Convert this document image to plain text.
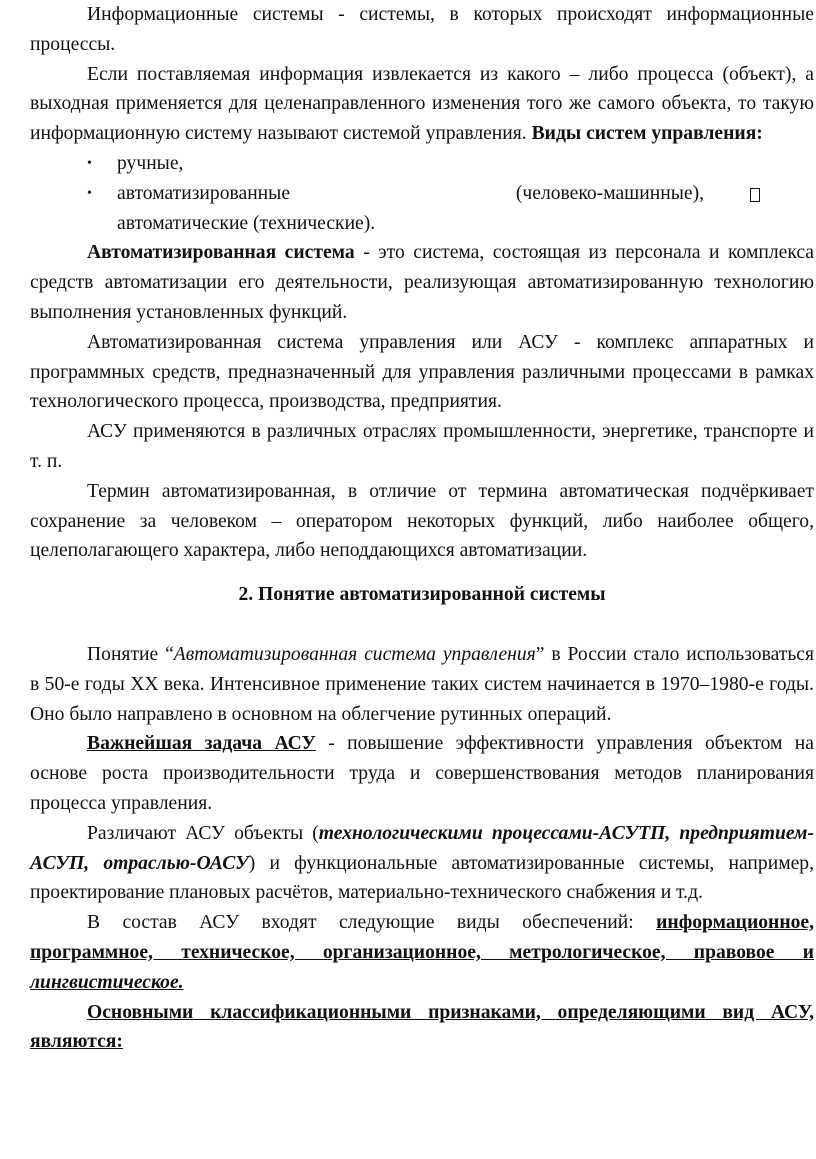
Информационные системы - системы, в которых происходят информационные процессы.

Если поставляемая информация извлекается из какого – либо процесса (объект), а выходная применяется для целенаправленного изменения того же самого объекта, то такую информационную систему называют системой управления. Виды систем управления:

• ручные,
• автоматизированные	(человеко-машинные),
автоматические (технические).

Автоматизированная система - это система, состоящая из персонала и комплекса средств автоматизации его деятельности, реализующая автоматизированную технологию выполнения установленных функций.

Автоматизированная система управления или АСУ - комплекс аппаратных и программных средств, предназначенный для управления различными процессами в рамках технологического процесса, производства, предприятия.

АСУ применяются в различных отраслях промышленности, энергетике, транспорте и т. п.

Термин автоматизированная, в отличие от термина автоматическая подчёркивает сохранение за человеком – оператором некоторых функций, либо наиболее общего, целеполагающего характера, либо неподдающихся автоматизации.

2. Понятие автоматизированной системы

Понятие “Автоматизированная система управления” в России стало использоваться в 50-е годы XX века. Интенсивное применение таких систем начинается в 1970–1980-е годы. Оно было направлено в основном на облегчение рутинных операций.

Важнейшая задача АСУ - повышение эффективности управления объектом на основе роста производительности труда и совершенствования методов планирования процесса управления.

Различают АСУ объекты (технологическими процессами-АСУТП, предприятием-АСУП, отраслью-ОАСУ) и функциональные автоматизированные системы, например, проектирование плановых расчётов, материально-технического снабжения и т.д.

В состав АСУ входят следующие виды обеспечений: информационное, программное, техническое, организационное, метрологическое, правовое и лингвистическое.

Основными классификационными признаками, определяющими вид АСУ, являются:
